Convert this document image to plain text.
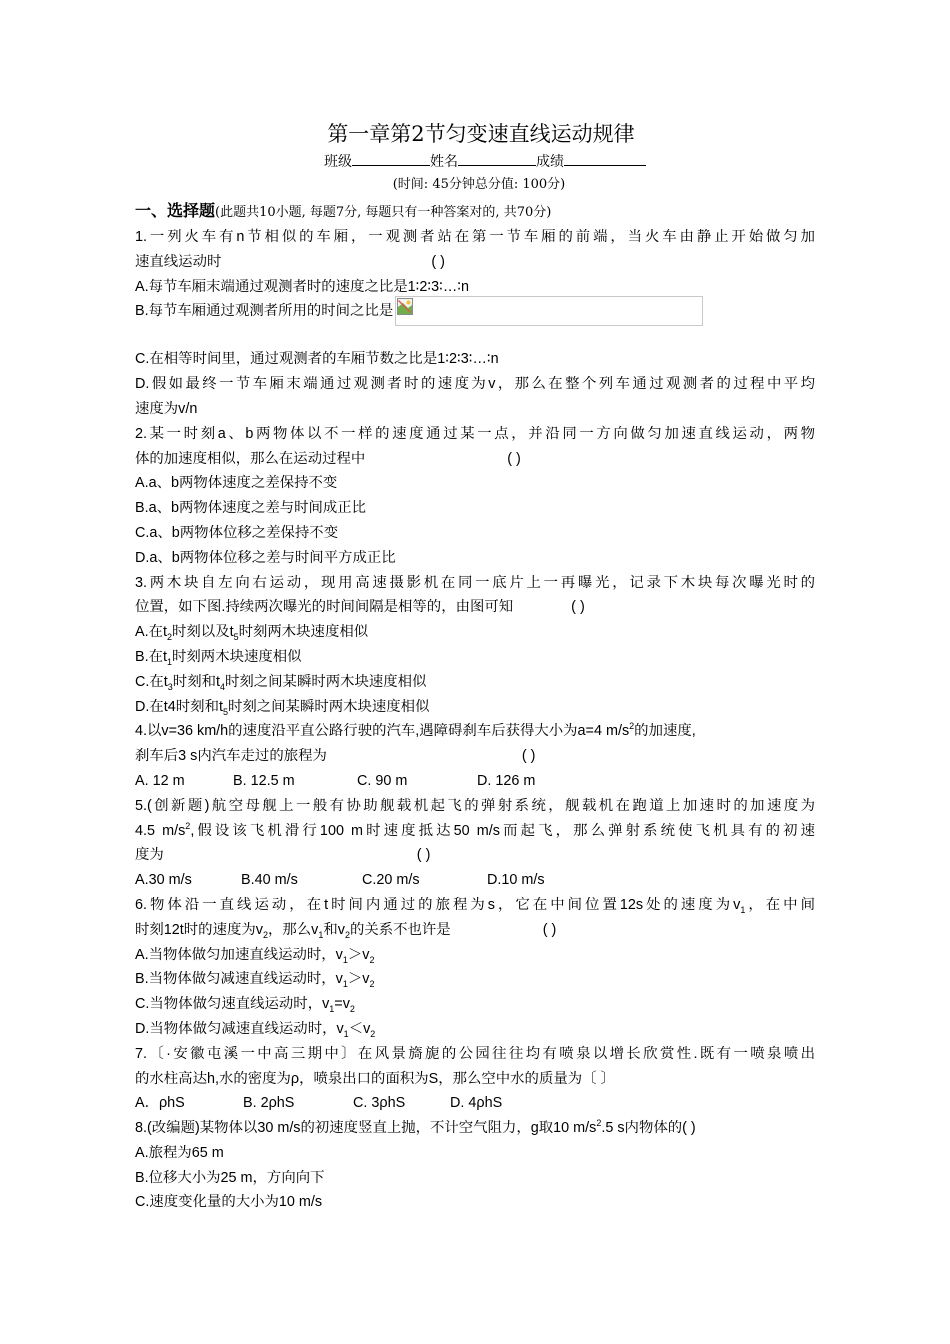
第一章第2节匀变速直线运动规律
班级	姓名	成绩
(时间: 45分钟总分值: 100分)
一、选择题(此题共10小题, 每题7分, 每题只有一种答案对的, 共70分)
1.一列火车有n节相似的车厢，一观测者站在第一节车厢的前端，当火车由静止开始做匀加
速直线运动时	( )
A.每节车厢末端通过观测者时的速度之比是1∶2∶3∶…∶n
B.每节车厢通过观测者所用的时间之比是
C.在相等时间里，通过观测者的车厢节数之比是1∶2∶3∶…∶n
D.假如最终一节车厢末端通过观测者时的速度为v，那么在整个列车通过观测者的过程中平均
速度为v/n
2.某一时刻a、b两物体以不一样的速度通过某一点，并沿同一方向做匀加速直线运动，两物
体的加速度相似，那么在运动过程中	( )
A.a、b两物体速度之差保持不变
B.a、b两物体速度之差与时间成正比
C.a、b两物体位移之差保持不变
D.a、b两物体位移之差与时间平方成正比
3.两木块自左向右运动，现用高速摄影机在同一底片上一再曝光，记录下木块每次曝光时的
位置，如下图.持续两次曝光的时间间隔是相等的，由图可知	( )
A.在$t_2$时刻以及$t_5$时刻两木块速度相似
B.在$t_1$时刻两木块速度相似
C.在$t_3$时刻和$t_4$时刻之间某瞬时两木块速度相似
D.在t4时刻和$t_5$时刻之间某瞬时两木块速度相似
4.以v=36 km/h的速度沿平直公路行驶的汽车,遇障碍刹车后获得大小为a=4 $m/s^2$的加速度,
刹车后3 s内汽车走过的旅程为	( )
A. 12 m	B. 12.5 m	C. 90 m	D. 126 m
5.(创新题)航空母舰上一般有协助舰载机起飞的弹射系统，舰载机在跑道上加速时的加速度为
4.5 $m/s^2$,假设该飞机滑行100 m时速度抵达50 m/s而起飞，那么弹射系统使飞机具有的初速
度为	( )
A.30 m/s	B.40 m/s	C.20 m/s	D.10 m/s
6.物体沿一直线运动，在t时间内通过的旅程为s，它在中间位置12s处的速度为$v_1$，在中间
时刻12t时的速度为$v_2$，那么$v_1$和$v_2$的关系不也许是	( )
A.当物体做匀加速直线运动时，$v_1>v_2$
B.当物体做匀减速直线运动时，$v_1>v_2$
C.当物体做匀速直线运动时，$v_1=v_2$
D.当物体做匀减速直线运动时，$v_1<v_2$
7.〔·安徽屯溪一中高三期中〕在风景旖旎的公园往往均有喷泉以增长欣赏性.既有一喷泉喷出
的水柱高达h,水的密度为ρ，喷泉出口的面积为S，那么空中水的质量为〔 〕
A．ρhS	B. 2ρhS	C. 3ρhS	D. 4ρhS
8.(改编题)某物体以30 m/s的初速度竖直上抛，不计空气阻力，g取10 $m/s^2.5$ s内物体的( )
A.旅程为65 m
B.位移大小为25 m，方向向下
C.速度变化量的大小为10 m/s
